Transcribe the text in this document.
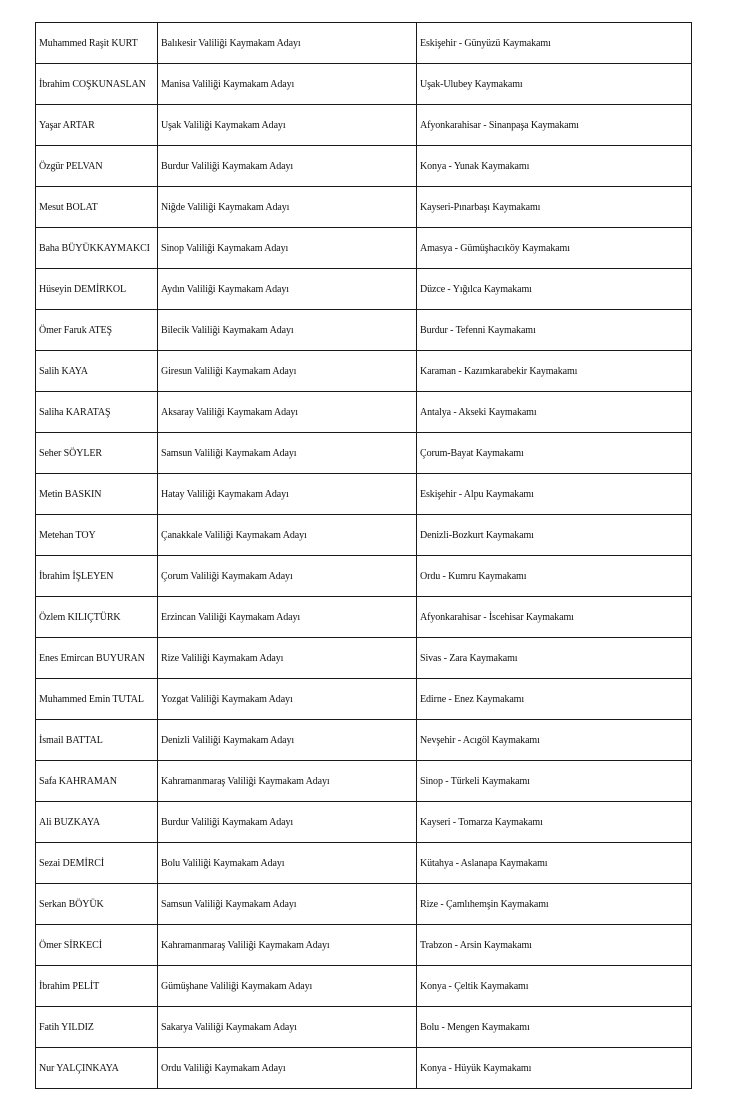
Muhammed Raşit KURT	Balıkesir Valiliği Kaymakam Adayı	Eskişehir - Günyüzü Kaymakamı
İbrahim COŞKUNASLAN	Manisa Valiliği Kaymakam Adayı	Uşak-Ulubey Kaymakamı
Yaşar ARTAR	Uşak Valiliği Kaymakam Adayı	Afyonkarahisar - Sinanpaşa Kaymakamı
Özgür PELVAN	Burdur Valiliği Kaymakam Adayı	Konya - Yunak Kaymakamı
Mesut BOLAT	Niğde Valiliği Kaymakam Adayı	Kayseri-Pınarbaşı Kaymakamı
Baha BÜYÜKKAYMAKCI	Sinop Valiliği Kaymakam Adayı	Amasya - Gümüşhacıköy Kaymakamı
Hüseyin DEMİRKOL	Aydın Valiliği Kaymakam Adayı	Düzce - Yığılca Kaymakamı
Ömer Faruk ATEŞ	Bilecik Valiliği Kaymakam Adayı	Burdur - Tefenni Kaymakamı
Salih KAYA	Giresun Valiliği Kaymakam Adayı	Karaman - Kazımkarabekir Kaymakamı
Saliha KARATAŞ	Aksaray Valiliği Kaymakam Adayı	Antalya - Akseki Kaymakamı
Seher SÖYLER	Samsun Valiliği Kaymakam Adayı	Çorum-Bayat Kaymakamı
Metin BASKIN	Hatay Valiliği Kaymakam Adayı	Eskişehir - Alpu Kaymakamı
Metehan TOY	Çanakkale Valiliği Kaymakam Adayı	Denizli-Bozkurt Kaymakamı
İbrahim İŞLEYEN	Çorum Valiliği Kaymakam Adayı	Ordu - Kumru Kaymakamı
Özlem KILIÇTÜRK	Erzincan Valiliği Kaymakam Adayı	Afyonkarahisar - İscehisar Kaymakamı
Enes Emircan BUYURAN	Rize Valiliği Kaymakam Adayı	Sivas - Zara Kaymakamı
Muhammed Emin TUTAL	Yozgat Valiliği Kaymakam Adayı	Edirne - Enez Kaymakamı
İsmail BATTAL	Denizli Valiliği Kaymakam Adayı	Nevşehir - Acıgöl Kaymakamı
Safa KAHRAMAN	Kahramanmaraş Valiliği Kaymakam Adayı	Sinop - Türkeli Kaymakamı
Ali BUZKAYA	Burdur Valiliği Kaymakam Adayı	Kayseri - Tomarza Kaymakamı
Sezai DEMİRCİ	Bolu Valiliği Kaymakam Adayı	Kütahya - Aslanapa Kaymakamı
Serkan BÖYÜK	Samsun Valiliği Kaymakam Adayı	Rize - Çamlıhemşin Kaymakamı
Ömer SİRKECİ	Kahramanmaraş Valiliği Kaymakam Adayı	Trabzon - Arsin Kaymakamı
İbrahim PELİT	Gümüşhane Valiliği Kaymakam Adayı	Konya - Çeltik Kaymakamı
Fatih YILDIZ	Sakarya Valiliği Kaymakam Adayı	Bolu - Mengen Kaymakamı
Nur YALÇINKAYA	Ordu Valiliği Kaymakam Adayı	Konya - Hüyük Kaymakamı
